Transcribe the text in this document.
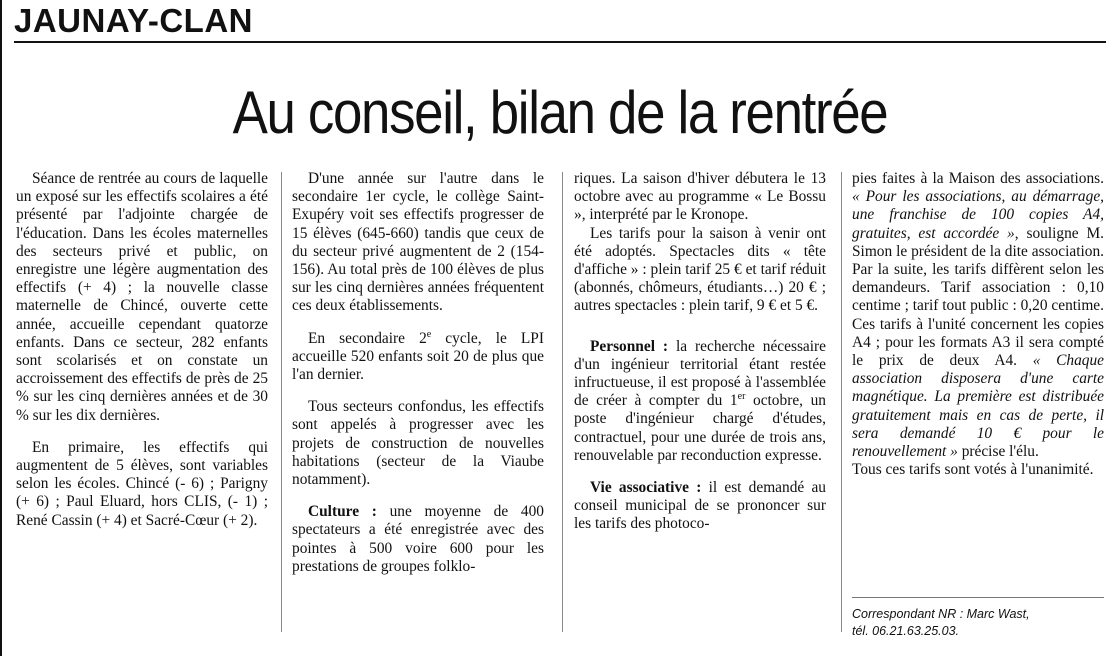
JAUNAY-CLAN
Au conseil, bilan de la rentrée

Séance de rentrée au cours de laquelle un exposé sur les effectifs scolaires a été présenté par l'adjointe chargée de l'éducation. Dans les écoles maternelles des secteurs privé et public, on enregistre une légère augmentation des effectifs (+ 4) ; la nouvelle classe maternelle de Chincé, ouverte cette année, accueille cependant quatorze enfants. Dans ce secteur, 282 enfants sont scolarisés et on constate un accroissement des effectifs de près de 25 % sur les cinq dernières années et de 30 % sur les dix dernières.

En primaire, les effectifs qui augmentent de 5 élèves, sont variables selon les écoles. Chincé (- 6) ; Parigny (+ 6) ; Paul Eluard, hors CLIS, (- 1) ; René Cassin (+ 4) et Sacré-Cœur (+ 2).

D'une année sur l'autre dans le secondaire 1er cycle, le collège Saint-Exupéry voit ses effectifs progresser de 15 élèves (645-660) tandis que ceux de du secteur privé augmentent de 2 (154-156). Au total près de 100 élèves de plus sur les cinq dernières années fréquentent ces deux établissements.

En secondaire 2e cycle, le LPI accueille 520 enfants soit 20 de plus que l'an dernier.

Tous secteurs confondus, les effectifs sont appelés à progresser avec les projets de construction de nouvelles habitations (secteur de la Viaube notamment).

Culture : une moyenne de 400 spectateurs a été enregistrée avec des pointes à 500 voire 600 pour les prestations de groupes folklo-

riques. La saison d'hiver débutera le 13 octobre avec au programme « Le Bossu », interprété par le Kronope.

Les tarifs pour la saison à venir ont été adoptés. Spectacles dits « tête d'affiche » : plein tarif 25 € et tarif réduit (abonnés, chômeurs, étudiants…) 20 € ; autres spectacles : plein tarif, 9 € et 5 €.

Personnel : la recherche nécessaire d'un ingénieur territorial étant restée infructueuse, il est proposé à l'assemblée de créer à compter du 1er octobre, un poste d'ingénieur chargé d'études, contractuel, pour une durée de trois ans, renouvelable par reconduction expresse.

Vie associative : il est demandé au conseil municipal de se prononcer sur les tarifs des photoco-

pies faites à la Maison des associations. « Pour les associations, au démarrage, une franchise de 100 copies A4, gratuites, est accordée », souligne M. Simon le président de la dite association. Par la suite, les tarifs diffèrent selon les demandeurs. Tarif association : 0,10 centime ; tarif tout public : 0,20 centime. Ces tarifs à l'unité concernent les copies A4 ; pour les formats A3 il sera compté le prix de deux A4. « Chaque association disposera d'une carte magnétique. La première est distribuée gratuitement mais en cas de perte, il sera demandé 10 € pour le renouvellement » précise l'élu.

Tous ces tarifs sont votés à l'unanimité.

Correspondant NR : Marc Wast,
tél. 06.21.63.25.03.
